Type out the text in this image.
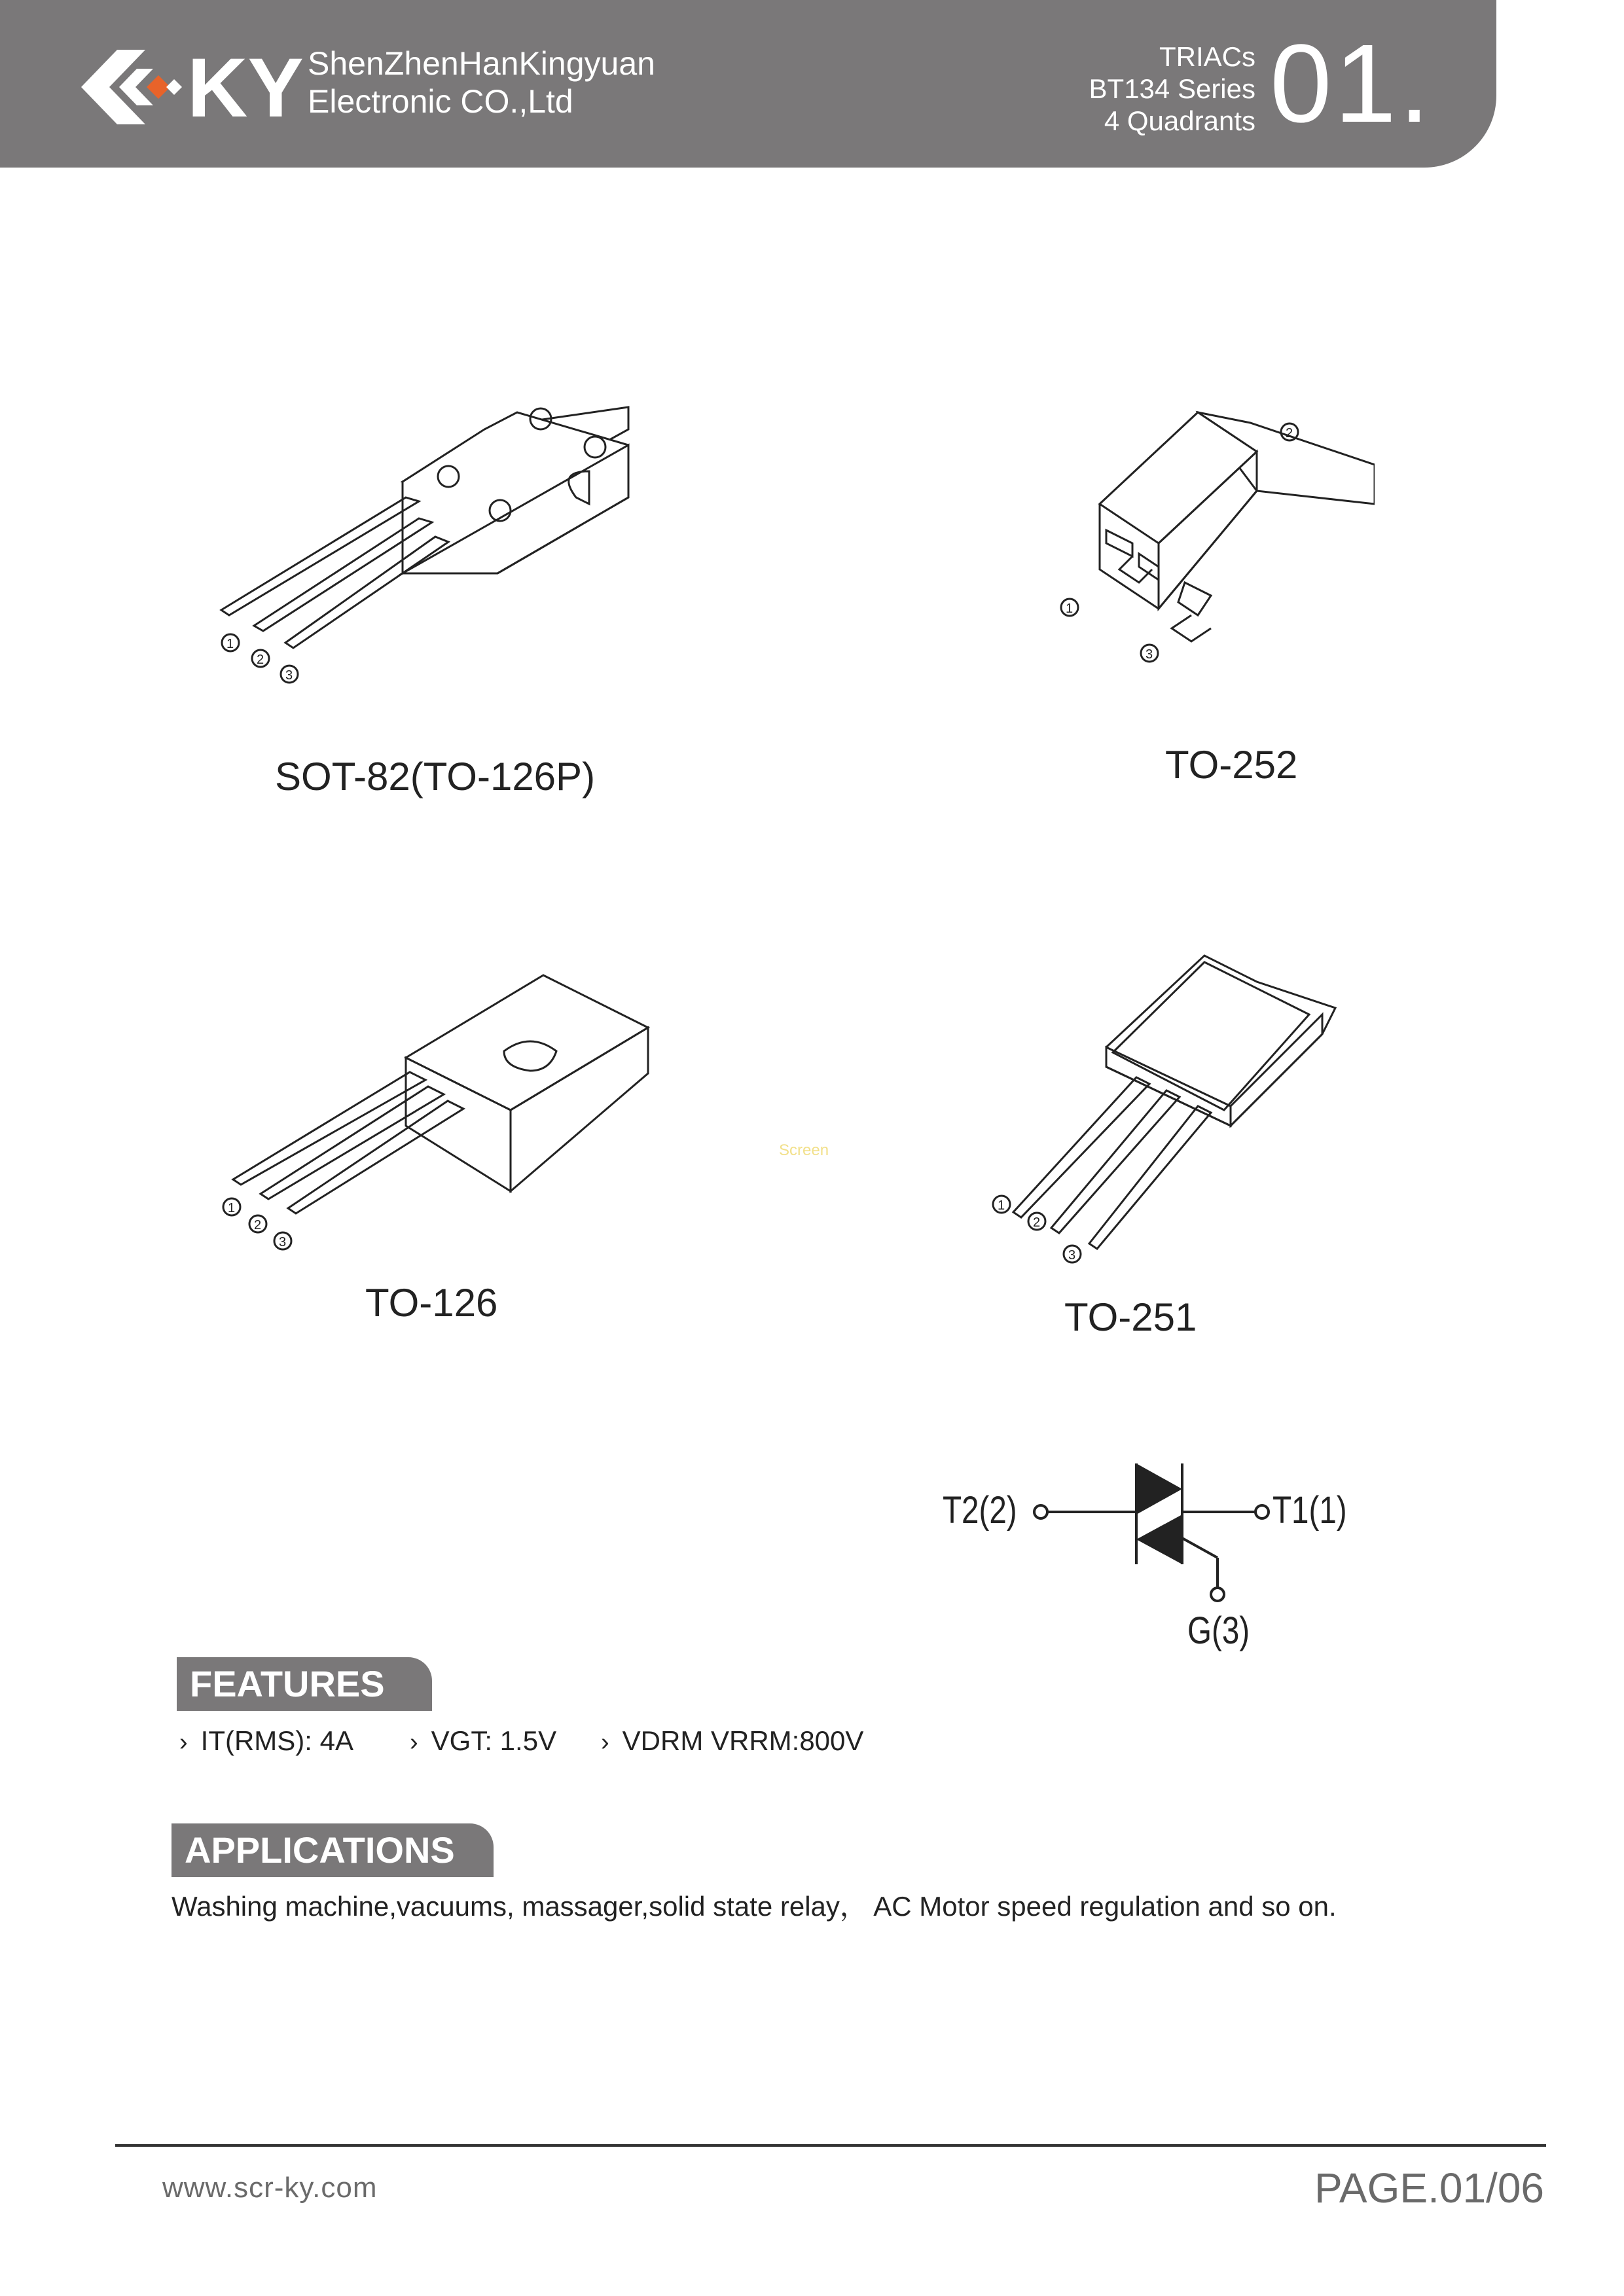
KY ShenZhenHanKingyuan
Electronic CO.,Ltd
TRIACs
BT134 Series
4 Quadrants 01.
1
2
3
SOT-82(TO-126P)
2
1
3
TO-252
1
2
3
TO-126
1
2
3
TO-251
Screen
T2(2)	T1(1)
G(3)
FEATURES
› IT(RMS): 4A › VGT: 1.5V › VDRM VRRM:800V
APPLICATIONS
Washing machine,vacuums, massager,solid state relay， AC Motor speed regulation and so on.
www.scr-ky.com	PAGE.01/06
